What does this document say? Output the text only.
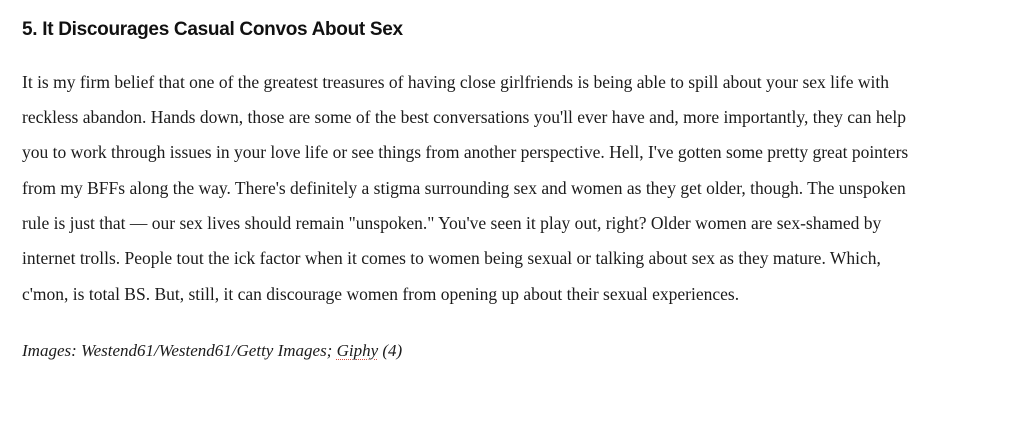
5. It Discourages Casual Convos About Sex

It is my firm belief that one of the greatest treasures of having close girlfriends is being able to spill about your sex life with reckless abandon. Hands down, those are some of the best conversations you'll ever have and, more importantly, they can help you to work through issues in your love life or see things from another perspective. Hell, I've gotten some pretty great pointers from my BFFs along the way. There's definitely a stigma surrounding sex and women as they get older, though. The unspoken rule is just that — our sex lives should remain "unspoken." You've seen it play out, right? Older women are sex-shamed by internet trolls. People tout the ick factor when it comes to women being sexual or talking about sex as they mature. Which, c'mon, is total BS. But, still, it can discourage women from opening up about their sexual experiences.

Images: Westend61/Westend61/Getty Images; Giphy (4)
